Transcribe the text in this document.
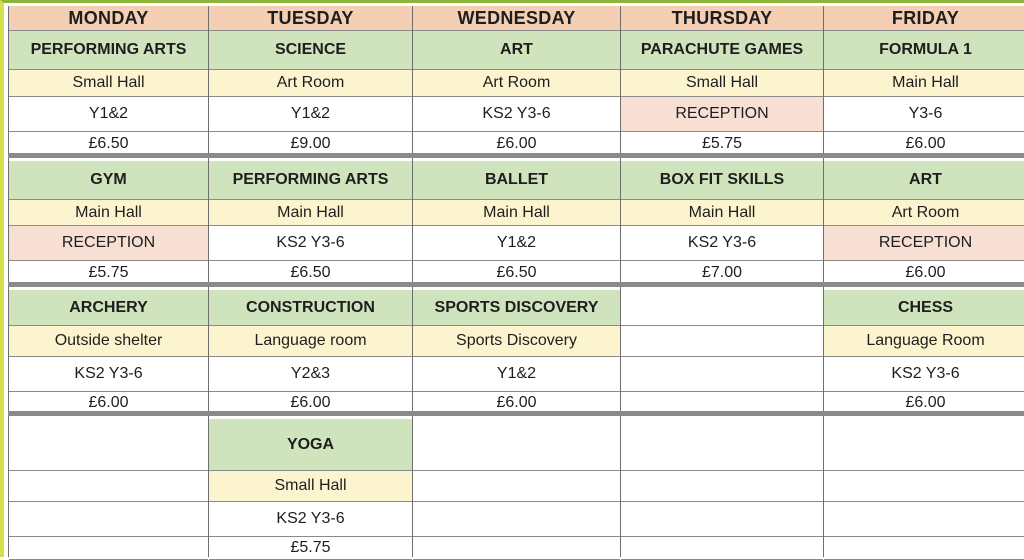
MONDAY
PERFORMING ARTS
Small Hall
Y1&2
£6.50
GYM
Main Hall
RECEPTION
£5.75
ARCHERY
Outside shelter
KS2 Y3-6
£6.00
TUESDAY
SCIENCE
Art Room
Y1&2
£9.00
PERFORMING ARTS
Main Hall
KS2 Y3-6
£6.50
CONSTRUCTION
Language room
Y2&3
£6.00
YOGA
Small Hall
KS2 Y3-6
£5.75
WEDNESDAY
ART
Art Room
KS2 Y3-6
£6.00
BALLET
Main Hall
Y1&2
£6.50
SPORTS DISCOVERY
Sports Discovery
Y1&2
£6.00
THURSDAY
PARACHUTE GAMES
Small Hall
RECEPTION
£5.75
BOX FIT SKILLS
Main Hall
KS2 Y3-6
£7.00
FRIDAY
FORMULA 1
Main Hall
Y3-6
£6.00
ART
Art Room
RECEPTION
£6.00
CHESS
Language Room
KS2 Y3-6
£6.00
